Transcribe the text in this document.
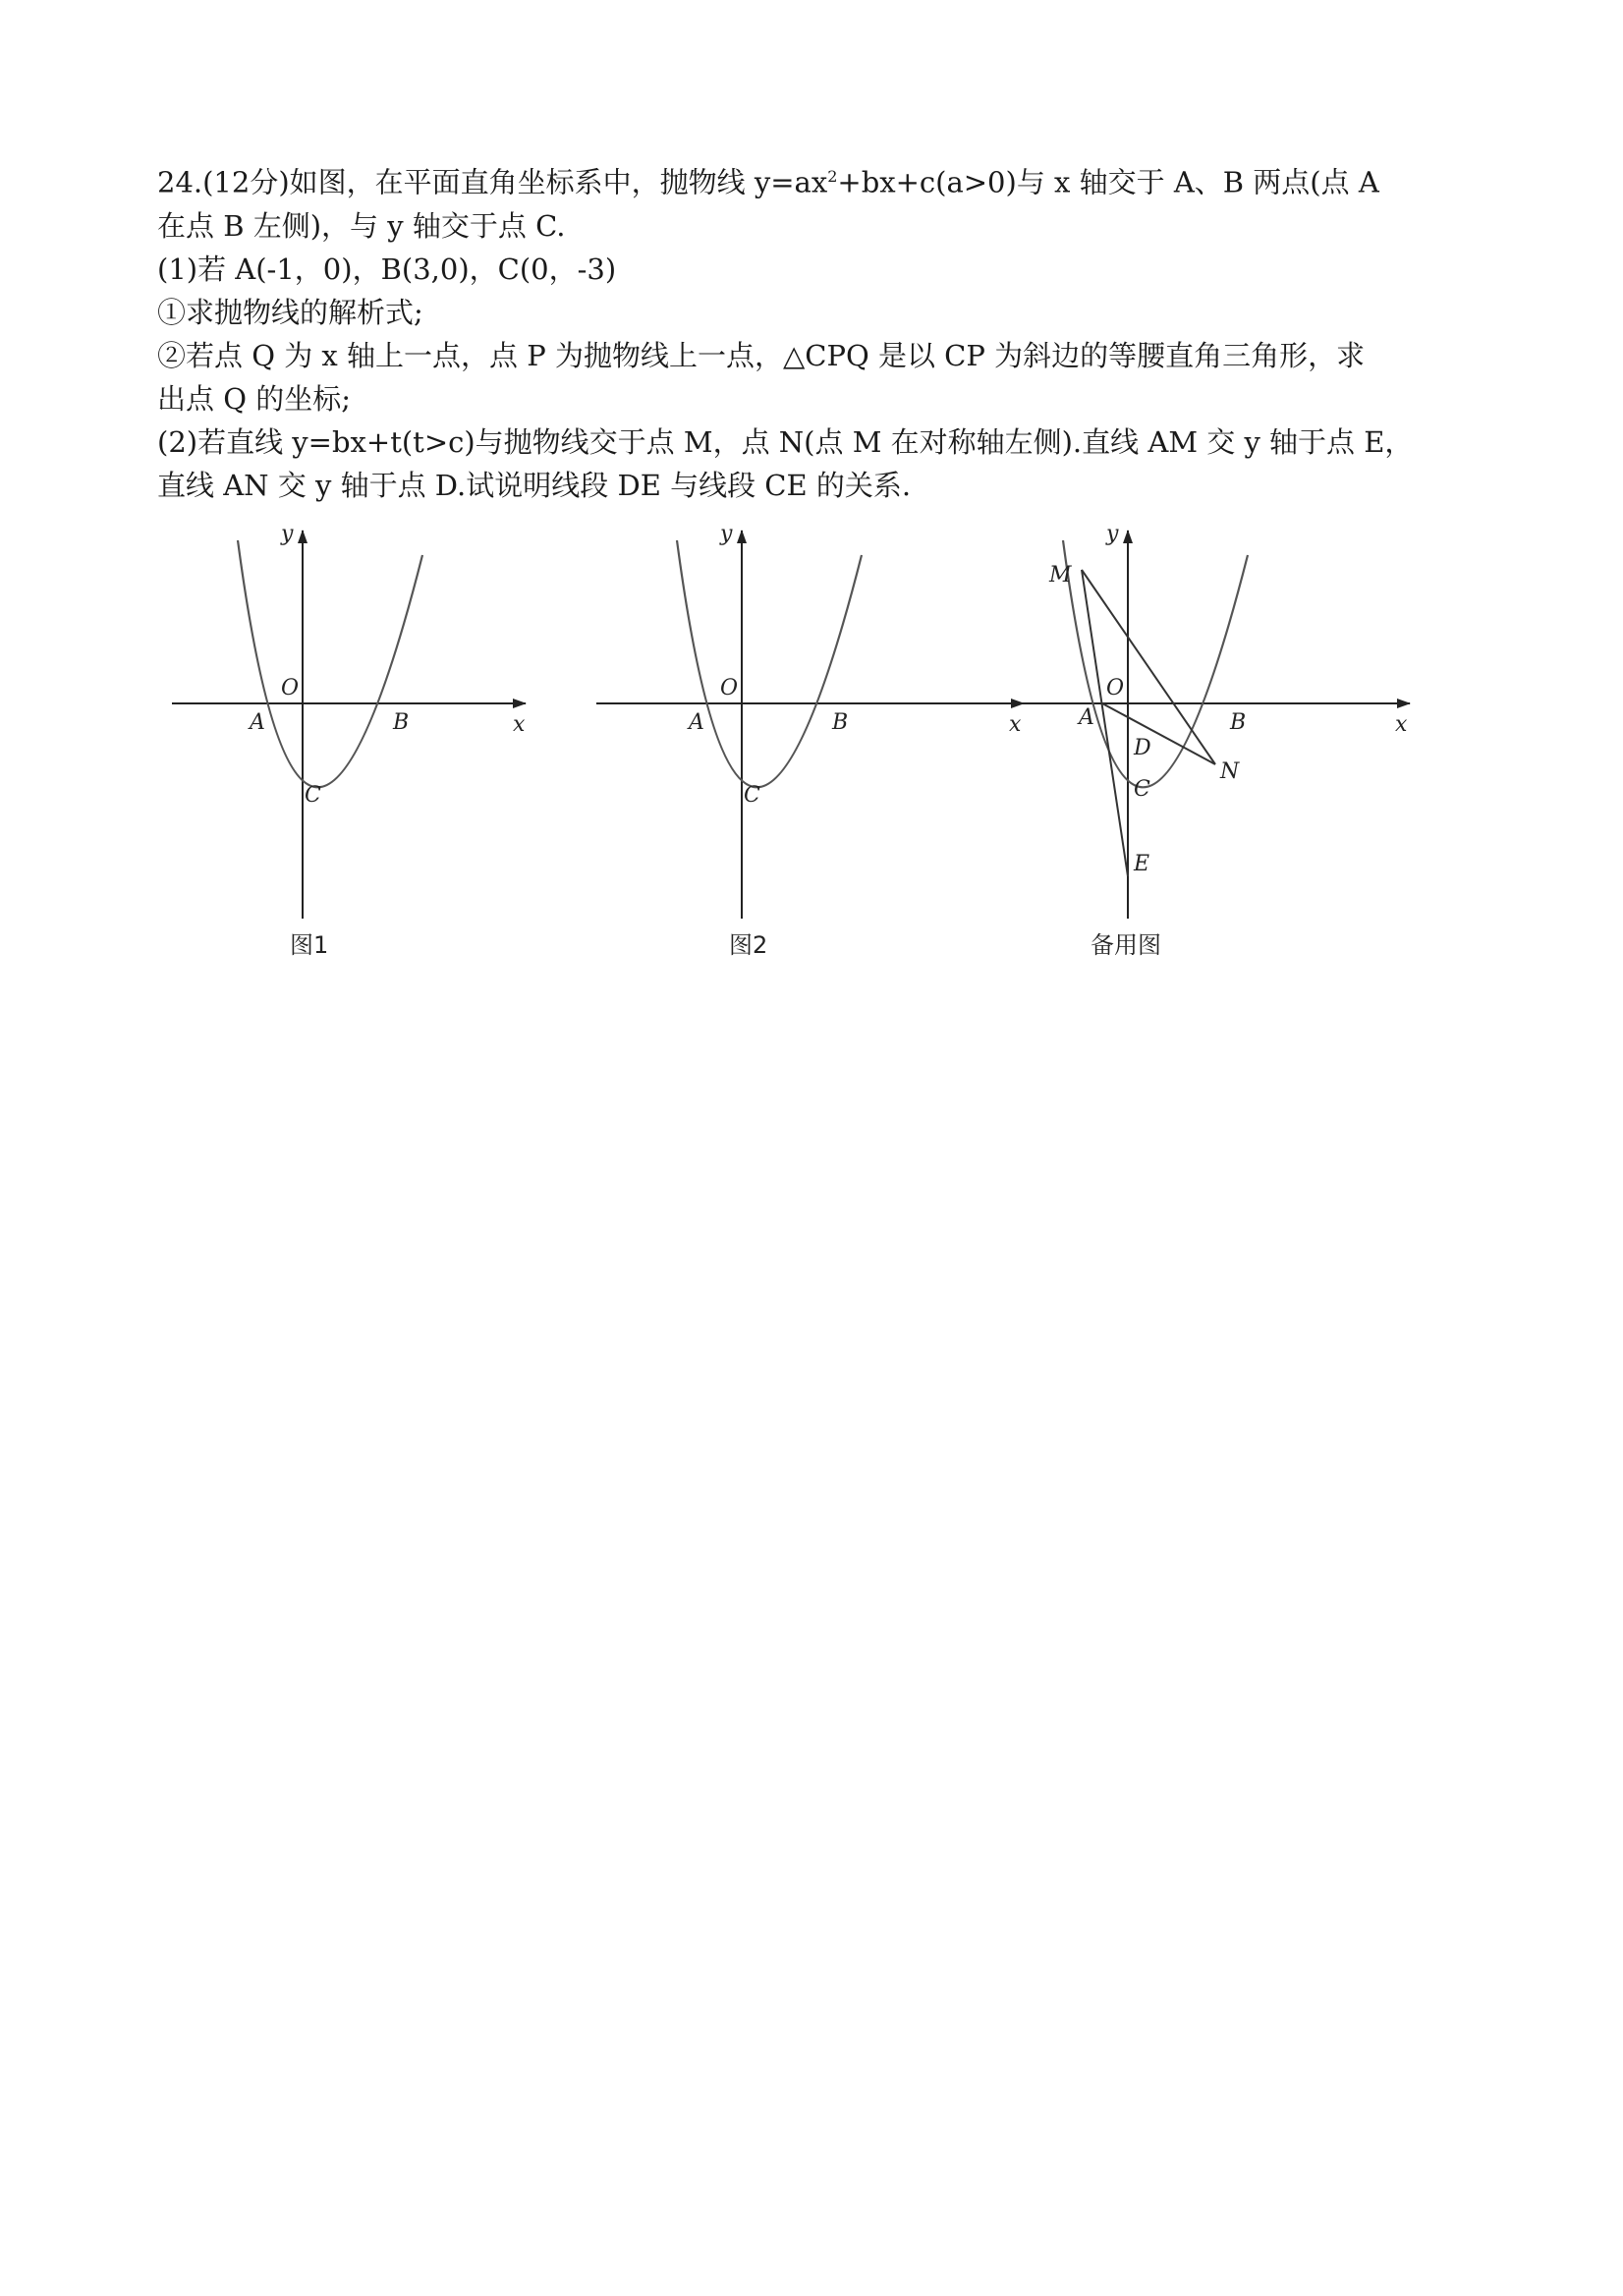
24.(12分)如图，在平面直角坐标系中，抛物线 $y=ax^2+bx+c(a>0)$与 x 轴交于 A、B 两点(点 A
在点 B 左侧)，与 y 轴交于点 C.
(1)若 A(-1，0)，B(3,0)，C(0，-3)
①求抛物线的解析式;
②若点 Q 为 x 轴上一点，点 P 为抛物线上一点，△CPQ 是以 CP 为斜边的等腰直角三角形，求
出点 Q 的坐标;
(2)若直线 y=bx+t(t>c)与抛物线交于点 M，点 N(点 M 在对称轴左侧).直线 AM 交 y 轴于点 E，
直线 AN 交 y 轴于点 D.试说明线段 DE 与线段 CE 的关系.
y
x
O
A	B
C
图1
y
x
O
A	B
C
图2
y
x
O
M
A	B
D
N
C
E
备用图
